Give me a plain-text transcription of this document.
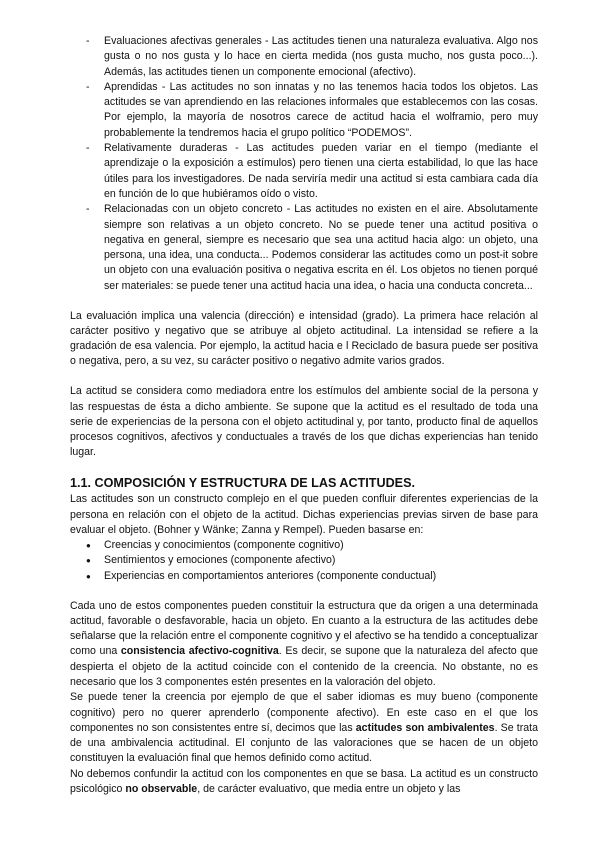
- Evaluaciones afectivas generales - Las actitudes tienen una naturaleza evaluativa. Algo nos gusta o no nos gusta y lo hace en cierta medida (nos gusta mucho, nos gusta poco...). Además, las actitudes tienen un componente emocional (afectivo).
- Aprendidas - Las actitudes no son innatas y no las tenemos hacia todos los objetos. Las actitudes se van aprendiendo en las relaciones informales que establecemos con las cosas. Por ejemplo, la mayoría de nosotros carece de actitud hacia el wolframio, pero muy probablemente la tendremos hacia el grupo político “PODEMOS”.
- Relativamente duraderas - Las actitudes pueden variar en el tiempo (mediante el aprendizaje o la exposición a estímulos) pero tienen una cierta estabilidad, lo que las hace útiles para los investigadores. De nada serviría medir una actitud si esta cambiara cada día en función de lo que hubiéramos oído o visto.
- Relacionadas con un objeto concreto - Las actitudes no existen en el aire. Absolutamente siempre son relativas a un objeto concreto. No se puede tener una actitud positiva o negativa en general, siempre es necesario que sea una actitud hacia algo: un objeto, una persona, una idea, una conducta... Podemos considerar las actitudes como un post-it sobre un objeto con una evaluación positiva o negativa escrita en él. Los objetos no tienen porqué ser materiales: se puede tener una actitud hacia una idea, o hacia una conducta concreta...

La evaluación implica una valencia (dirección) e intensidad (grado). La primera hace relación al carácter positivo y negativo que se atribuye al objeto actitudinal. La intensidad se refiere a la gradación de esa valencia. Por ejemplo, la actitud hacia e l Reciclado de basura puede ser positiva o negativa, pero, a su vez, su carácter positivo o negativo admite varios grados.

La actitud se considera como mediadora entre los estímulos del ambiente social de la persona y las respuestas de ésta a dicho ambiente. Se supone que la actitud es el resultado de toda una serie de experiencias de la persona con el objeto actitudinal y, por tanto, producto final de aquellos procesos cognitivos, afectivos y conductuales a través de los que dichas experiencias han tenido lugar.

1.1. COMPOSICIÓN Y ESTRUCTURA DE LAS ACTITUDES.

Las actitudes son un constructo complejo en el que pueden confluir diferentes experiencias de la persona en relación con el objeto de la actitud. Dichas experiencias previas sirven de base para evaluar el objeto. (Bohner y Wänke; Zanna y Rempel). Pueden basarse en:

● Creencias y conocimientos (componente cognitivo)
● Sentimientos y emociones (componente afectivo)
● Experiencias en comportamientos anteriores (componente conductual)

Cada uno de estos componentes pueden constituir la estructura que da origen a una determinada actitud, favorable o desfavorable, hacia un objeto. En cuanto a la estructura de las actitudes debe señalarse que la relación entre el componente cognitivo y el afectivo se ha tendido a conceptualizar como una consistencia afectivo-cognitiva. Es decir, se supone que la naturaleza del afecto que despierta el objeto de la actitud coincide con el contenido de la creencia. No obstante, no es necesario que los 3 componentes estén presentes en la valoración del objeto.

Se puede tener la creencia por ejemplo de que el saber idiomas es muy bueno (componente cognitivo) pero no querer aprenderlo (componente afectivo). En este caso en el que los componentes no son consistentes entre sí, decimos que las actitudes son ambivalentes. Se trata de una ambivalencia actitudinal. El conjunto de las valoraciones que se hacen de un objeto constituyen la evaluación final que hemos definido como actitud.

No debemos confundir la actitud con los componentes en que se basa. La actitud es un constructo psicológico no observable, de carácter evaluativo, que media entre un objeto y las
